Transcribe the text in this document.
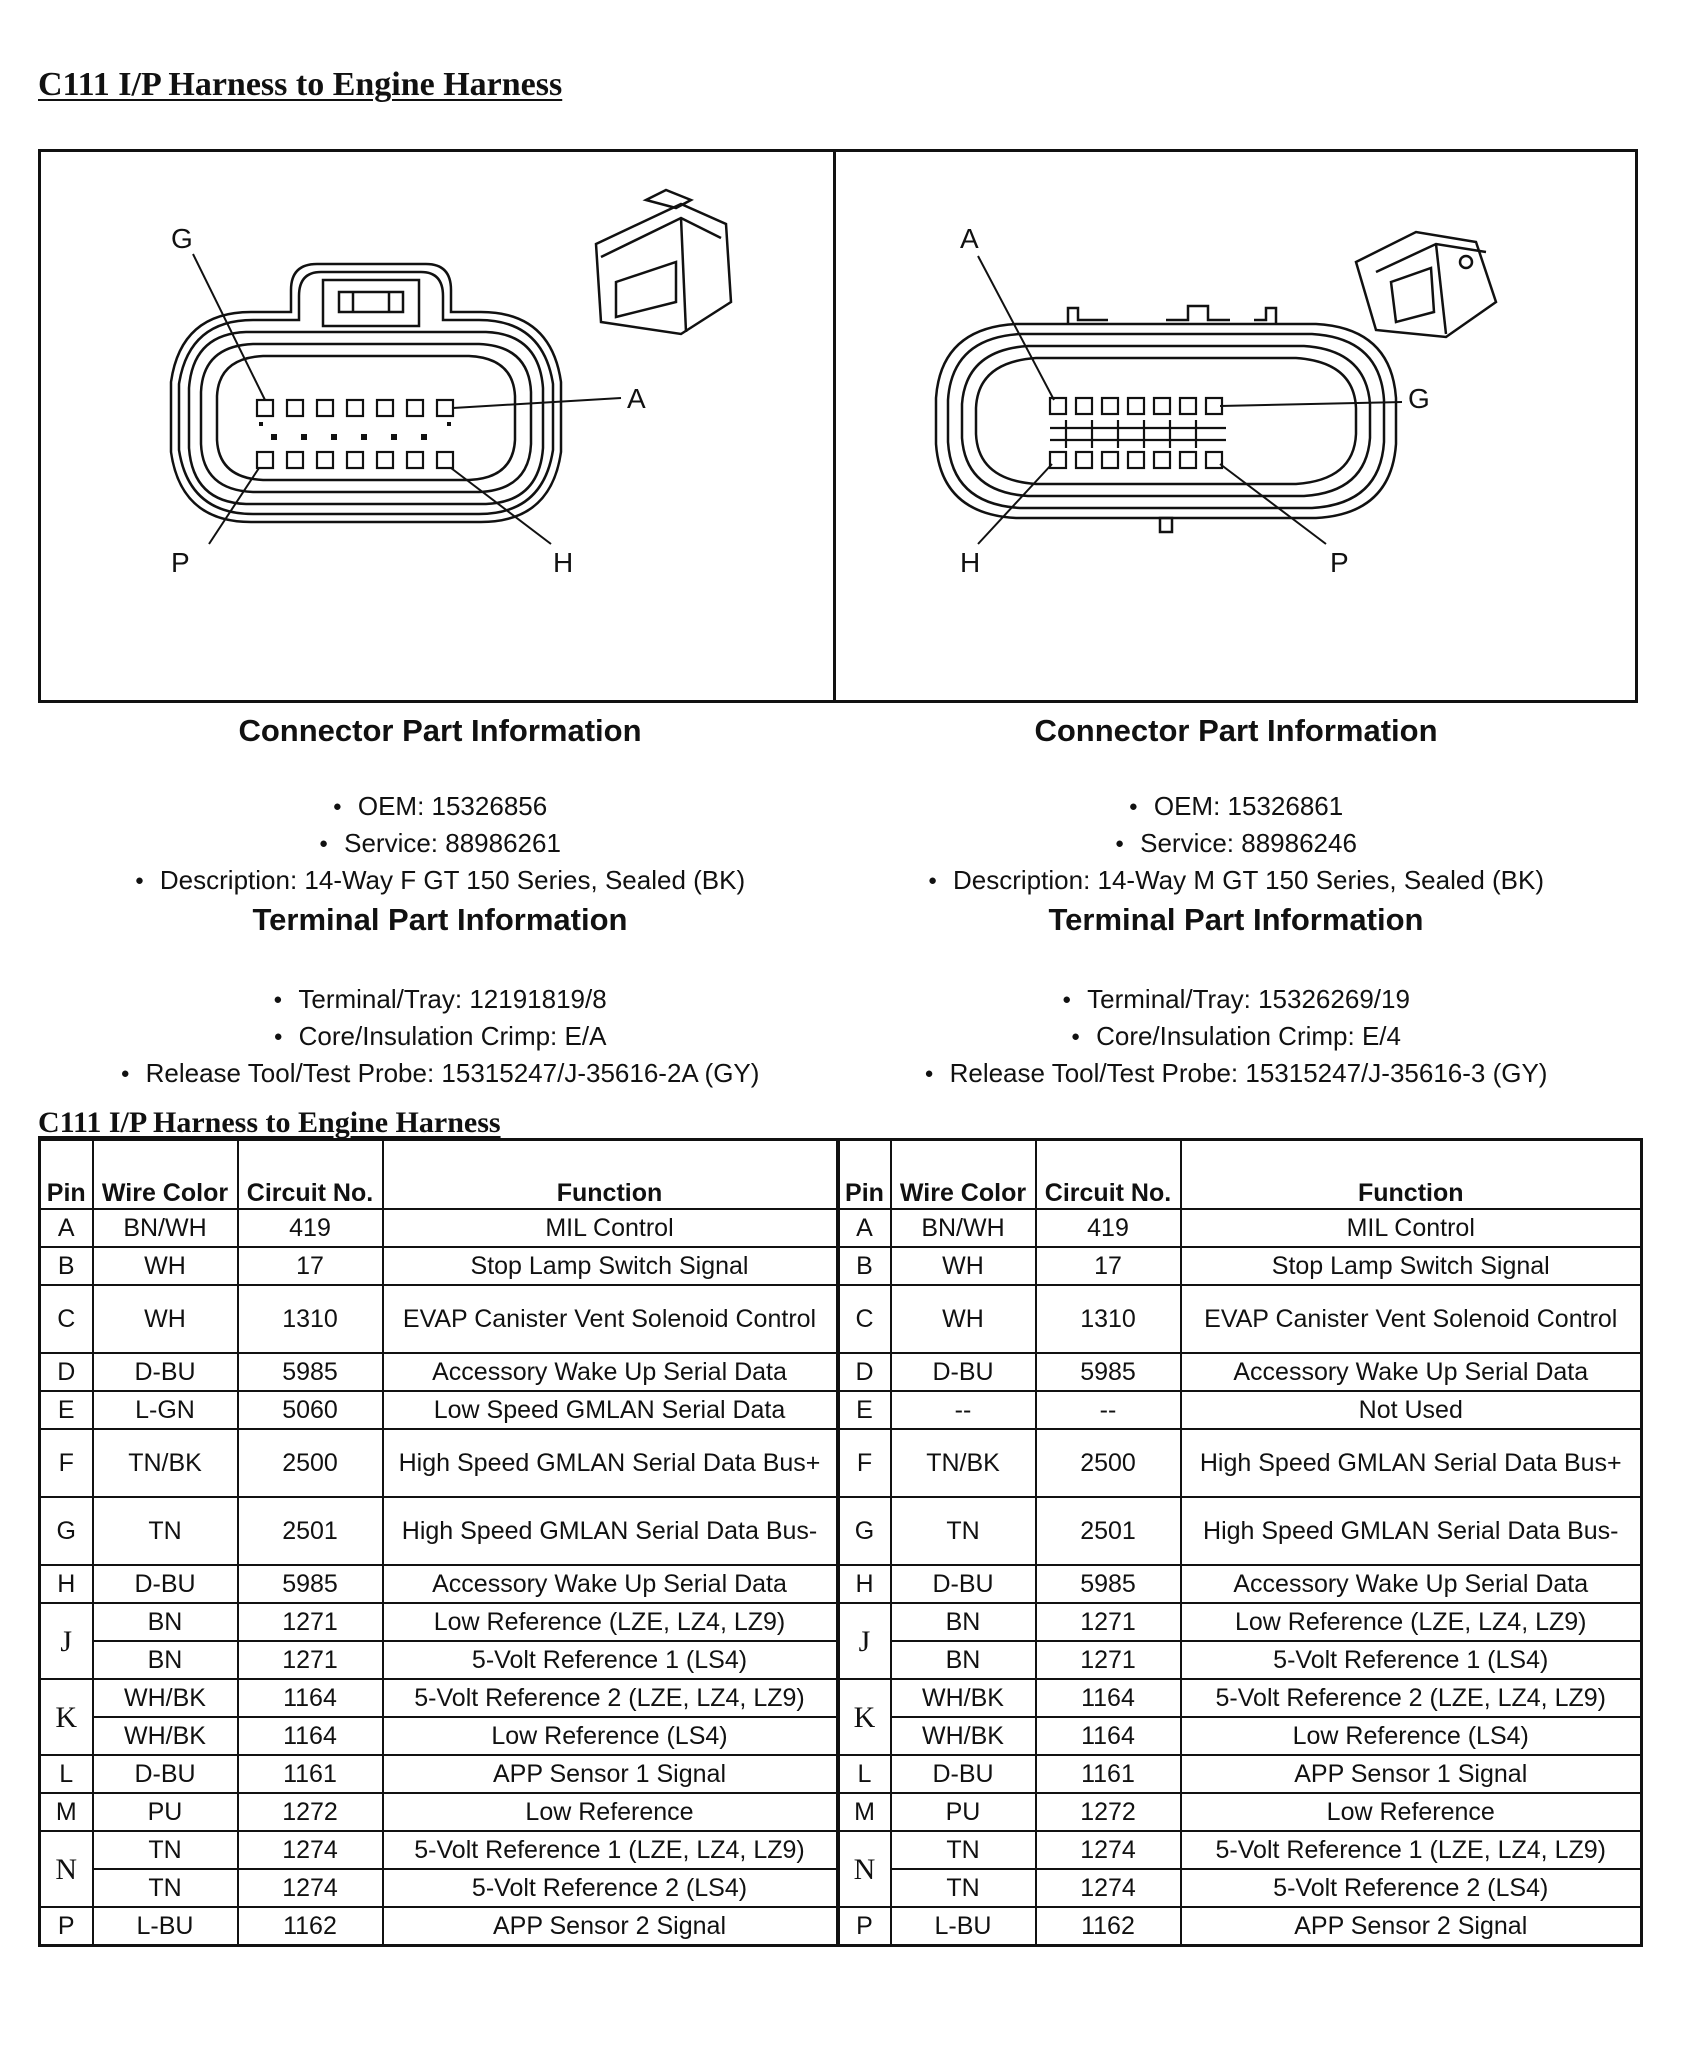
C111 I/P Harness to Engine Harness
G
A
P	H
A
G
H	P
Connector Part Information
● OEM: 15326856
● Service: 88986261
● Description: 14-Way F GT 150 Series, Sealed (BK)
Terminal Part Information
● Terminal/Tray: 12191819/8
● Core/Insulation Crimp: E/A
● Release Tool/Test Probe: 15315247/J-35616-2A (GY)
Connector Part Information
● OEM: 15326861
● Service: 88986246
● Description: 14-Way M GT 150 Series, Sealed (BK)
Terminal Part Information
● Terminal/Tray: 15326269/19
● Core/Insulation Crimp: E/4
● Release Tool/Test Probe: 15315247/J-35616-3 (GY)
C111 I/P Harness to Engine Harness
Pin	Wire Color	Circuit No.	Function	Pin	Wire Color	Circuit No.	Function
A	BN/WH	419	MIL Control	A	BN/WH	419	MIL Control
B	WH	17	Stop Lamp Switch Signal	B	WH	17	Stop Lamp Switch Signal
C	WH	1310	EVAP Canister Vent Solenoid Control	C	WH	1310	EVAP Canister Vent Solenoid Control
D	D-BU	5985	Accessory Wake Up Serial Data	D	D-BU	5985	Accessory Wake Up Serial Data
E	L-GN	5060	Low Speed GMLAN Serial Data	E	--	--	Not Used
F	TN/BK	2500	High Speed GMLAN Serial Data Bus+	F	TN/BK	2500	High Speed GMLAN Serial Data Bus+
G	TN	2501	High Speed GMLAN Serial Data Bus-	G	TN	2501	High Speed GMLAN Serial Data Bus-
H	D-BU	5985	Accessory Wake Up Serial Data	H	D-BU	5985	Accessory Wake Up Serial Data
J	BN	1271	Low Reference (LZE, LZ4, LZ9)	J	BN	1271	Low Reference (LZE, LZ4, LZ9)
	BN	1271	5-Volt Reference 1 (LS4)		BN	1271	5-Volt Reference 1 (LS4)
K	WH/BK	1164	5-Volt Reference 2 (LZE, LZ4, LZ9)	K	WH/BK	1164	5-Volt Reference 2 (LZE, LZ4, LZ9)
	WH/BK	1164	Low Reference (LS4)		WH/BK	1164	Low Reference (LS4)
L	D-BU	1161	APP Sensor 1 Signal	L	D-BU	1161	APP Sensor 1 Signal
M	PU	1272	Low Reference	M	PU	1272	Low Reference
N	TN	1274	5-Volt Reference 1 (LZE, LZ4, LZ9)	N	TN	1274	5-Volt Reference 1 (LZE, LZ4, LZ9)
	TN	1274	5-Volt Reference 2 (LS4)		TN	1274	5-Volt Reference 2 (LS4)
P	L-BU	1162	APP Sensor 2 Signal	P	L-BU	1162	APP Sensor 2 Signal
